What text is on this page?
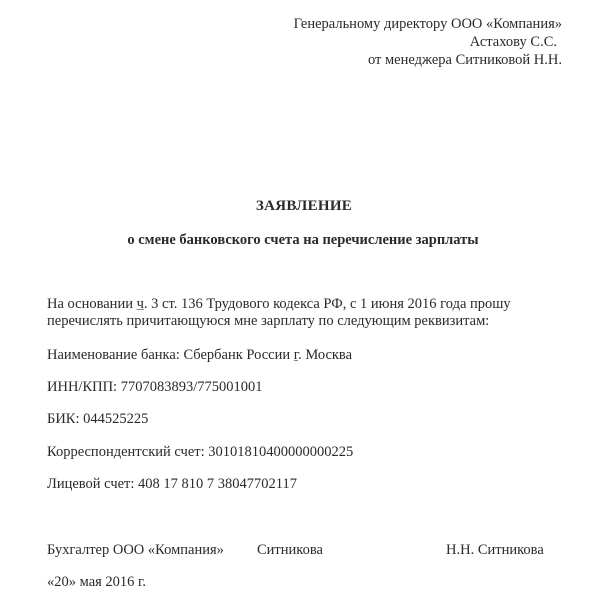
Генеральному директору ООО «Компания»
Астахову С.С.
от менеджера Ситниковой Н.Н.
ЗАЯВЛЕНИЕ
о смене банковского счета на перечисление зарплаты
На основании ч. 3 ст. 136 Трудового кодекса РФ, с 1 июня 2016 года прошу
перечислять причитающуюся мне зарплату по следующим реквизитам:
Наименование банка: Сбербанк России г. Москва
ИНН/КПП: 7707083893/775001001
БИК: 044525225
Корреспондентский счет: 30101810400000000225
Лицевой счет: 408 17 810 7 38047702117
Бухгалтер ООО «Компания» Ситникова	Н.Н. Ситникова
«20» мая 2016 г.
